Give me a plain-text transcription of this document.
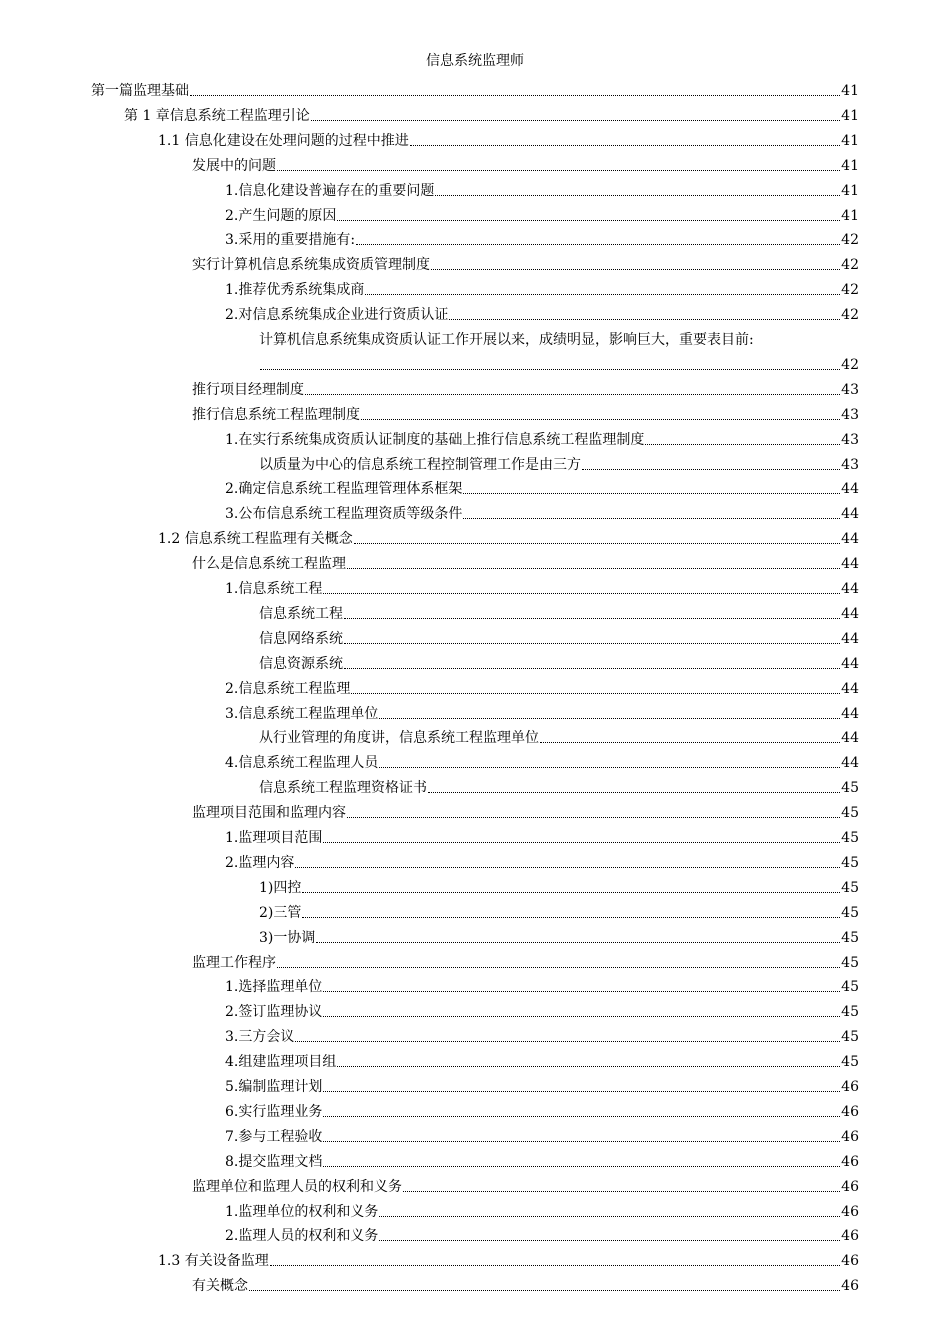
信息系统监理师
第一篇监理基础	41
第 1 章信息系统工程监理引论	41
1.1 信息化建设在处理问题的过程中推进	41
发展中的问题	41
1.信息化建设普遍存在的重要问题	41
2.产生问题的原因	41
3.采用的重要措施有:	42
实行计算机信息系统集成资质管理制度	42
1.推荐优秀系统集成商	42
2.对信息系统集成企业进行资质认证	42
计算机信息系统集成资质认证工作开展以来，成绩明显，影响巨大，重要表目前:
42
推行项目经理制度	43
推行信息系统工程监理制度	43
1.在实行系统集成资质认证制度的基础上推行信息系统工程监理制度	43
以质量为中心的信息系统工程控制管理工作是由三方	43
2.确定信息系统工程监理管理体系框架	44
3.公布信息系统工程监理资质等级条件	44
1.2 信息系统工程监理有关概念	44
什么是信息系统工程监理	44
1.信息系统工程	44
信息系统工程	44
信息网络系统	44
信息资源系统	44
2.信息系统工程监理	44
3.信息系统工程监理单位	44
从行业管理的角度讲，信息系统工程监理单位	44
4.信息系统工程监理人员	44
信息系统工程监理资格证书	45
监理项目范围和监理内容	45
1.监理项目范围	45
2.监理内容	45
1)四控	45
2)三管	45
3)一协调	45
监理工作程序	45
1.选择监理单位	45
2.签订监理协议	45
3.三方会议	45
4.组建监理项目组	45
5.编制监理计划	46
6.实行监理业务	46
7.参与工程验收	46
8.提交监理文档	46
监理单位和监理人员的权利和义务	46
1.监理单位的权利和义务	46
2.监理人员的权利和义务	46
1.3 有关设备监理	46
有关概念	46
